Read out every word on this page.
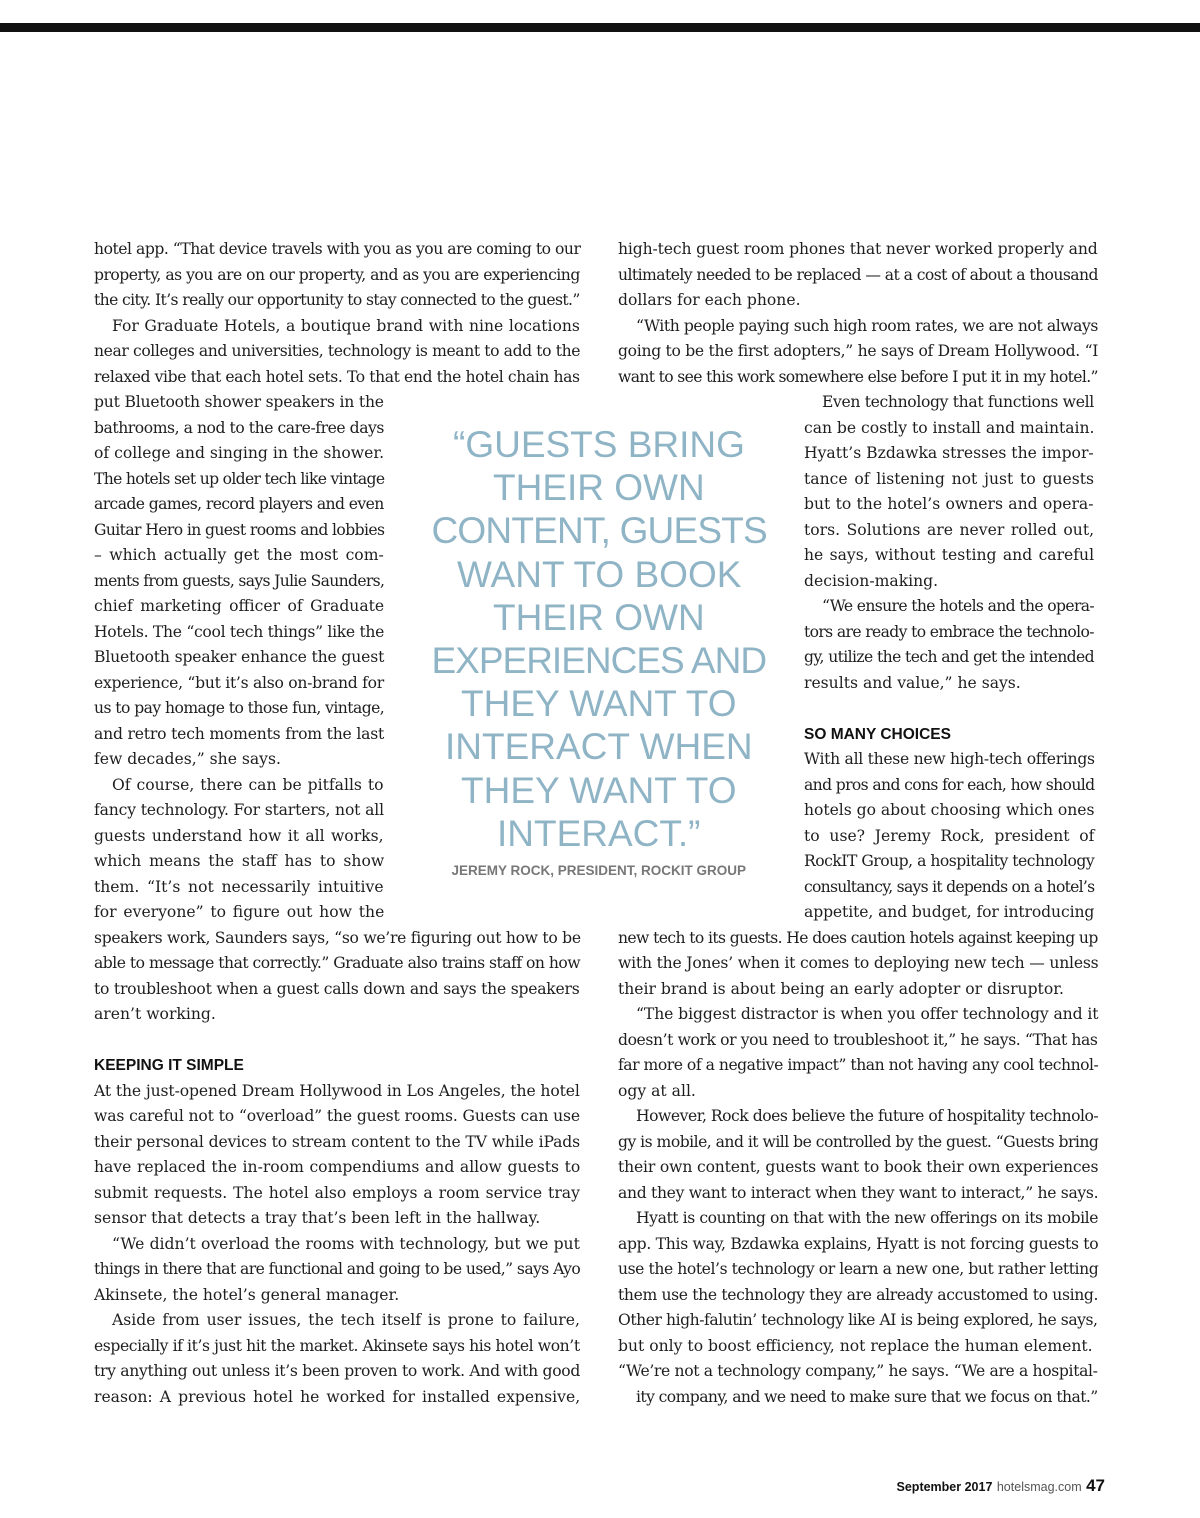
hotel app. “That device travels with you as you are coming to our
property, as you are on our property, and as you are experiencing
the city. It’s really our opportunity to stay connected to the guest.”
For Graduate Hotels, a boutique brand with nine locations
near colleges and universities, technology is meant to add to the
relaxed vibe that each hotel sets. To that end the hotel chain has
put Bluetooth shower speakers in the
bathrooms, a nod to the care-free days
of college and singing in the shower.
The hotels set up older tech like vintage
arcade games, record players and even
Guitar Hero in guest rooms and lobbies
– which actually get the most com-
ments from guests, says Julie Saunders,
chief marketing officer of Graduate
Hotels. The “cool tech things” like the
Bluetooth speaker enhance the guest
experience, “but it’s also on-brand for
us to pay homage to those fun, vintage,
and retro tech moments from the last
few decades,” she says.
Of course, there can be pitfalls to
fancy technology. For starters, not all
guests understand how it all works,
which means the staff has to show
them. “It’s not necessarily intuitive
for everyone” to figure out how the
speakers work, Saunders says, “so we’re figuring out how to be
able to message that correctly.” Graduate also trains staff on how
to troubleshoot when a guest calls down and says the speakers
aren’t working.
KEEPING IT SIMPLE
At the just-opened Dream Hollywood in Los Angeles, the hotel
was careful not to “overload” the guest rooms. Guests can use
their personal devices to stream content to the TV while iPads
have replaced the in-room compendiums and allow guests to
submit requests. The hotel also employs a room service tray
sensor that detects a tray that’s been left in the hallway.
“We didn’t overload the rooms with technology, but we put
things in there that are functional and going to be used,” says Ayo
Akinsete, the hotel’s general manager.
Aside from user issues, the tech itself is prone to failure,
especially if it’s just hit the market. Akinsete says his hotel won’t
try anything out unless it’s been proven to work. And with good
reason: A previous hotel he worked for installed expensive,
high-tech guest room phones that never worked properly and
ultimately needed to be replaced — at a cost of about a thousand
dollars for each phone.
“With people paying such high room rates, we are not always
going to be the first adopters,” he says of Dream Hollywood. “I
want to see this work somewhere else before I put it in my hotel.”
Even technology that functions well
can be costly to install and maintain.
Hyatt’s Bzdawka stresses the impor-
tance of listening not just to guests
but to the hotel’s owners and opera-
tors. Solutions are never rolled out,
he says, without testing and careful
decision-making.
“We ensure the hotels and the opera-
tors are ready to embrace the technolo-
gy, utilize the tech and get the intended
results and value,” he says.
SO MANY CHOICES
With all these new high-tech offerings
and pros and cons for each, how should
hotels go about choosing which ones
to use? Jeremy Rock, president of
RockIT Group, a hospitality technology
consultancy, says it depends on a hotel’s
appetite, and budget, for introducing
new tech to its guests. He does caution hotels against keeping up
with the Jones’ when it comes to deploying new tech — unless
their brand is about being an early adopter or disruptor.
“The biggest distractor is when you offer technology and it
doesn’t work or you need to troubleshoot it,” he says. “That has
far more of a negative impact” than not having any cool technol-
ogy at all.
However, Rock does believe the future of hospitality technolo-
gy is mobile, and it will be controlled by the guest. “Guests bring
their own content, guests want to book their own experiences
and they want to interact when they want to interact,” he says.
Hyatt is counting on that with the new offerings on its mobile
app. This way, Bzdawka explains, Hyatt is not forcing guests to
use the hotel’s technology or learn a new one, but rather letting
them use the technology they are already accustomed to using.
Other high-falutin’ technology like AI is being explored, he says,
but only to boost efficiency, not replace the human element.
“We’re not a technology company,” he says. “We are a hospital-
ity company, and we need to make sure that we focus on that.”
“GUESTS BRING
THEIR OWN
CONTENT, GUESTS
WANT TO BOOK
THEIR OWN
EXPERIENCES AND
THEY WANT TO
INTERACT WHEN
THEY WANT TO
INTERACT.”
JEREMY ROCK, PRESIDENT, ROCKIT GROUP
September 2017 hotelsmag.com 47
